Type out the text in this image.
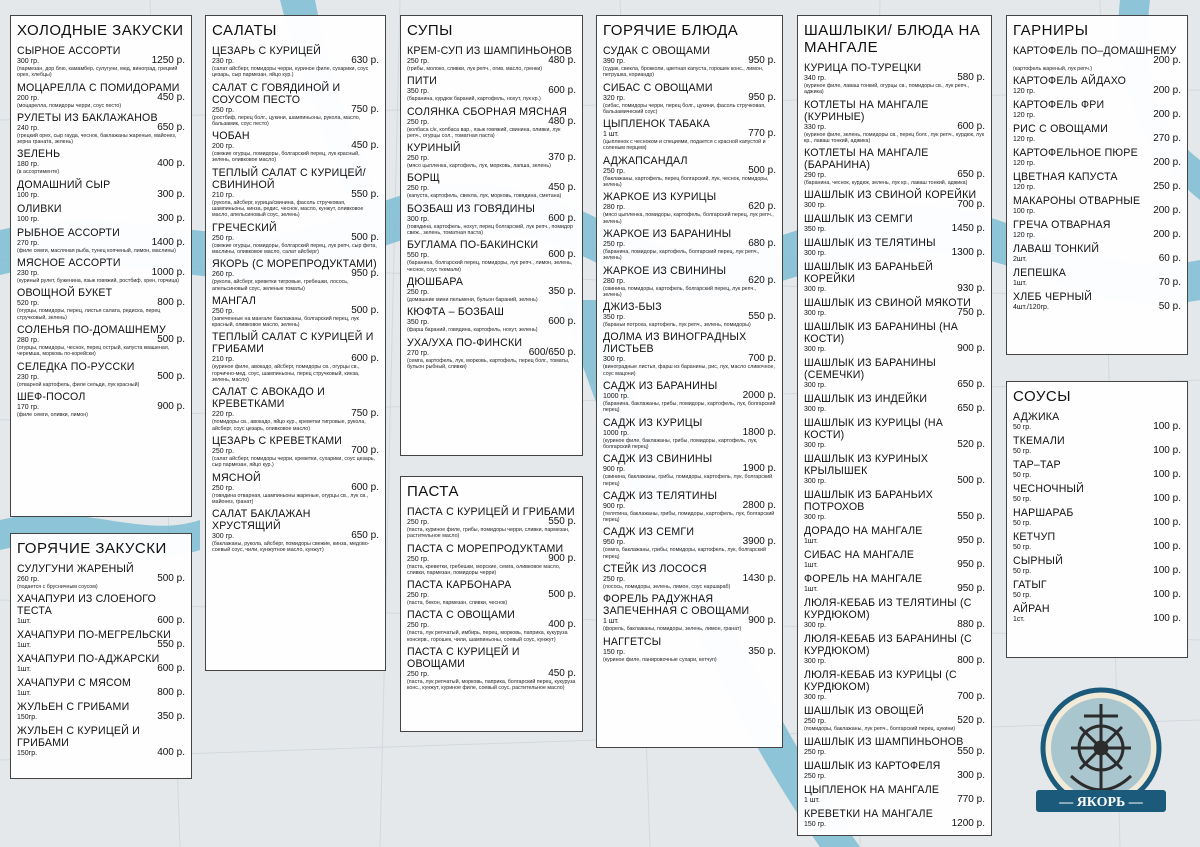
ХОЛОДНЫЕ ЗАКУСКИ
СЫРНОЕ АССОРТИ
300 гр.	1250 р.
(пармезан, дор блю, камамбер, сулугуни, мед, виноград, грецкий орех, хлебцы)
МОЦАРЕЛЛА С ПОМИДОРАМИ
200 гр.	450 р.
(моцарелла, помидоры черри, соус песто)
РУЛЕТЫ ИЗ БАКЛАЖАНОВ
240 гр.	650 р.
(грецкий орех, сыр гауда, чеснок, баклажаны жареные, майонез, зерна граната, зелень)
ЗЕЛЕНЬ
180 гр.	400 р.
(в ассортименте)
ДОМАШНИЙ СЫР
100 гр.	300 р.
ОЛИВКИ
100 гр.	300 р.
РЫБНОЕ АССОРТИ
270 гр.	1400 р.
(филе семги, масляная рыба, тунец копченый, лимон, маслины)
МЯСНОЕ АССОРТИ
230 гр.	1000 р.
(куриный рулет, буженина, язык говяжий, ростбиф, хрен, горчица)
ОВОЩНОЙ БУКЕТ
520 гр.	800 р.
(огурцы, помидоры, перец, листья салата, редиска, перец стручковый, зелень)
СОЛЕНЬЯ ПО-ДОМАШНЕМУ
280 гр.	500 р.
(огурцы, помидоры, чеснок, перец острый, капуста квашеная, черемша, морковь по-корейски)
СЕЛЕДКА ПО-РУССКИ
230 гр.	500 р.
(отварной картофель, филе сельди, лук красный)
ШЕФ-ПОСОЛ
170 гр.	900 р.
(филе семги, оливки, лимон)
ГОРЯЧИЕ ЗАКУСКИ
СУЛУГУНИ ЖАРЕНЫЙ
260 гр.	500 р.
(подается с брусничным соусом)
ХАЧАПУРИ ИЗ СЛОЕНОГО ТЕСТА
1шт.	600 р.
ХАЧАПУРИ ПО-МЕГРЕЛЬСКИ
1шт.	550 р.
ХАЧАПУРИ ПО-АДЖАРСКИ
1шт.	600 р.
ХАЧАПУРИ С МЯСОМ
1шт.	800 р.
ЖУЛЬЕН С ГРИБАМИ
150гр.	350 р.
ЖУЛЬЕН С КУРИЦЕЙ И ГРИБАМИ
150гр.	400 р.
САЛАТЫ
ЦЕЗАРЬ С КУРИЦЕЙ
230 гр.	630 р.
(салат айсберг, помидоры черри, куриное филе, сухарики, соус цезарь, сыр пармезан, яйцо кур.)
САЛАТ С ГОВЯДИНОЙ И СОУСОМ ПЕСТО
250 гр.	750 р.
(ростбиф, перец болг., цукини, шампиньоны, рукола, масло, бальзамик, соус песто)
ЧОБАН
200 гр.	450 р.
(свежие огурцы, помидоры, болгарский перец, лук красный, зелень, оливковое масло)
ТЕПЛЫЙ САЛАТ С КУРИЦЕЙ/ СВИНИНОЙ
210 гр.	550 р.
(рукола, айсберг, курица/свинина, фасоль стручковая, шампиньоны, кинза, редис, чеснок, масло, кунжут, оливковое масло, апельсиновый соус, зелень)
ГРЕЧЕСКИЙ
250 гр.	500 р.
(свежие огурцы, помидоры, болгарский перец, лук репч, сыр фета, маслины, оливковое масло, салат айсберг)
ЯКОРЬ (С МОРЕПРОДУКТАМИ)
260 гр.	950 р.
(рукола, айсберг, креветки тигровые, гребешки, лосось, апельсиновый соус, зеленые томаты)
МАНГАЛ
250 гр.	500 р.
(запеченные на мангале баклажаны, болгарский перец, лук красный, оливковое масло, зелень)
ТЕПЛЫЙ САЛАТ С КУРИЦЕЙ И ГРИБАМИ
210 гр.	600 р.
(куриное филе, авокадо, айсберг, помидоры св., огурцы св., горчично-мед. соус, шампиньоны, перец стручковый, кинза, зелень, масло)
САЛАТ С АВОКАДО И КРЕВЕТКАМИ
220 гр.	750 р.
(помидоры св., авокадо, яйцо кур., креветки тигровые, рукола, айсберг, соус цезарь, оливковое масло)
ЦЕЗАРЬ С КРЕВЕТКАМИ
250 гр.	700 р.
(салат айсберг, помидоры черри, креветки, сухарики, соус цезарь, сыр пармезан, яйцо кур.)
МЯСНОЙ
250 гр.	600 р.
(говядина отварная, шампиньоны жареные, огурцы св., лук св., майонез, гранат)
САЛАТ БАКЛАЖАН ХРУСТЯЩИЙ
300 гр.	650 р.
(баклажаны, рукола, айсберг, помидоры свежие, кинза, медово-соевый соус, чили, кунжутное масло, кунжут)
СУПЫ
КРЕМ-СУП ИЗ ШАМПИНЬОНОВ
250 гр.	480 р.
(грибы, молоко, сливки, лук репч., огив. масло, гренки)
ПИТИ
350 гр.	600 р.
(баранина, курдюк бараний, картофель, нохут, лук кр.)
СОЛЯНКА СБОРНАЯ МЯСНАЯ
250 гр.	480 р.
(колбаса с/к, колбаса вар., язык говяжий, свинина, оливки, лук репч., огурцы сол., томатная паста)
КУРИНЫЙ
250 гр.	370 р.
(мясо цыпленка, картофель, лук, морковь, лапша, зелень)
БОРЩ
250 гр.	450 р.
(капуста, картофель, свекла, лук, морковь, говядина, сметана)
БОЗБАШ ИЗ ГОВЯДИНЫ
300 гр.	600 р.
(говядина, картофель, нохут, перец болгарский, лук репч., помидор свеж., зелень, томатная паста)
БУГЛАМА ПО-БАКИНСКИ
550 гр.	600 р.
(баранина, болгарский перец, помидоры, лук репч., лимон, зелень, чеснок, соус ткемали)
ДЮШБАРА
250 гр.	350 р.
(домашние мини пельмени, бульон бараний, зелень)
КЮФТА – БОЗБАШ
350 гр.	600 р.
(фарш бараний, говядина, картофель, нохут, зелень)
УХА/УХА ПО-ФИНСКИ
270 гр.	600/650 р.
(семга, картофель, лук, морковь, картофель, перец болг., томаты, бульон рыбный, сливки)
ПАСТА
ПАСТА С КУРИЦЕЙ И ГРИБАМИ
250 гр.	550 р.
(паста, куриное филе, грибы, помидоры черри, сливки, пармезан, растительное масло)
ПАСТА С МОРЕПРОДУКТАМИ
250 гр.	900 р.
(паста, креветки, гребешки, морские, семга, оливковое масло, сливки, пармезан, помидоры черри)
ПАСТА КАРБОНАРА
250 гр.	500 р.
(паста, бекон, пармезан, сливки, чеснок)
ПАСТА С ОВОЩАМИ
250 гр.	400 р.
(паста, лук репчатый, имбирь, перец, морковь, паприка, кукуруза консерв., горошек, чили, шампиньоны, соевый соус, кунжут)
ПАСТА С КУРИЦЕЙ И ОВОЩАМИ
250 гр.	450 р.
(паста, лук репчатый, морковь, паприка, болгарский перец, кукуруза конс., кунжут, куриное филе, соевый соус, растительное масло)
ГОРЯЧИЕ БЛЮДА
СУДАК С ОВОЩАМИ
390 гр.	950 р.
(судак, свекла, брокколи, цветная капуста, горошек конс., лимон, петрушка, кориандр)
СИБАС С ОВОЩАМИ
320 гр.	950 р.
(сибас, помидоры черри, перец болг., цукини, фасоль стручковая, бальзамический соус)
ЦЫПЛЕНОК ТАБАКА
1 шт.	770 р.
(цыпленок с чесноком и специями, подается с красной капустой и соленым перцем)
АДЖАПСАНДАЛ
250 гр.	500 р.
(баклажаны, картофель, перец болгарский, лук, чеснок, помидоры, зелень)
ЖАРКОЕ ИЗ КУРИЦЫ
280 гр.	620 р.
(мясо цыпленка, помидоры, картофель, болгарский перец, лук репч., зелень)
ЖАРКОЕ ИЗ БАРАНИНЫ
250 гр.	680 р.
(баранина, помидоры, картофель, болгарский перец, лук репч., зелень)
ЖАРКОЕ ИЗ СВИНИНЫ
280 гр.	620 р.
(свинина, помидоры, картофель, болгарский перец, лук репч., зелень)
ДЖИЗ-БЫЗ
350 гр.	550 р.
(бараньи потроха, картофель, лук репч., зелень, помидоры)
ДОЛМА ИЗ ВИНОГРАДНЫХ ЛИСТЬЕВ
300 гр.	700 р.
(виноградные листья, фарш из баранины, рис, лук, масло сливочное, соус мацони)
САДЖ ИЗ БАРАНИНЫ
1000 гр.	2000 р.
(баранина, баклажаны, грибы, помидоры, картофель, лук, болгарский перец)
САДЖ ИЗ КУРИЦЫ
1000 гр.	1800 р.
(куриное филе, баклажаны, грибы, помидоры, картофель, лук, болгарский перец)
САДЖ ИЗ СВИНИНЫ
900 гр.	1900 р.
(свинина, баклажаны, грибы, помидоры, картофель, лук, болгарский перец)
САДЖ ИЗ ТЕЛЯТИНЫ
900 гр.	2800 р.
(телятина, баклажаны, грибы, помидоры, картофель, лук, болгарский перец)
САДЖ ИЗ СЕМГИ
950 гр.	3900 р.
(семга, баклажаны, грибы, помидоры, картофель, лук, болгарский перец)
СТЕЙК ИЗ ЛОСОСЯ
250 гр.	1430 р.
(лосось, помидоры, зелень, лимон, соус наршараб)
ФОРЕЛЬ РАДУЖНАЯ ЗАПЕЧЕННАЯ С ОВОЩАМИ
1 шт.	900 р.
(форель, баклажаны, помидоры, зелень, лимон, гранат)
НАГГЕТСЫ
150 гр.	350 р.
(куриное филе, панировочные сухари, кетчуп)
ШАШЛЫКИ/ БЛЮДА НА МАНГАЛЕ
КУРИЦА ПО-ТУРЕЦКИ
340 гр.	580 р.
(куриное филе, лаваш тонкий, огурцы св., помидоры св., лук репч., аджика)
КОТЛЕТЫ НА МАНГАЛЕ (КУРИНЫЕ)
330 гр.	600 р.
(куриное филе, зелень, помидоры св., перец болг., лук репч., курдюк, лук кр., лаваш тонкий, аджика)
КОТЛЕТЫ НА МАНГАЛЕ (БАРАНИНА)
290 гр.	650 р.
(баранина, чеснок, курдюк, зелень, лук кр., лаваш тонкий, аджика)
ШАШЛЫК ИЗ СВИНОЙ КОРЕЙКИ
300 гр.	700 р.
ШАШЛЫК ИЗ СЕМГИ
350 гр.	1450 р.
ШАШЛЫК ИЗ ТЕЛЯТИНЫ
300 гр.	1300 р.
ШАШЛЫК ИЗ БАРАНЬЕЙ КОРЕЙКИ
300 гр.	930 р.
ШАШЛЫК ИЗ СВИНОЙ МЯКОТИ
300 гр.	750 р.
ШАШЛЫК ИЗ БАРАНИНЫ (НА КОСТИ)
300 гр.	900 р.
ШАШЛЫК ИЗ БАРАНИНЫ (СЕМЕЧКИ)
300 гр.	650 р.
ШАШЛЫК ИЗ ИНДЕЙКИ
300 гр.	650 р.
ШАШЛЫК ИЗ КУРИЦЫ (НА КОСТИ)
300 гр.	520 р.
ШАШЛЫК ИЗ КУРИНЫХ КРЫЛЫШЕК
300 гр.	500 р.
ШАШЛЫК ИЗ БАРАНЬИХ ПОТРОХОВ
300 гр.	550 р.
ДОРАДО НА МАНГАЛЕ
1шт.	950 р.
СИБАС НА МАНГАЛЕ
1шт.	950 р.
ФОРЕЛЬ НА МАНГАЛЕ
1шт.	950 р.
ЛЮЛЯ-КЕБАБ ИЗ ТЕЛЯТИНЫ (С КУРДЮКОМ)
300 гр.	880 р.
ЛЮЛЯ-КЕБАБ ИЗ БАРАНИНЫ (С КУРДЮКОМ)
300 гр.	800 р.
ЛЮЛЯ-КЕБАБ ИЗ КУРИЦЫ (С КУРДЮКОМ)
300 гр.	700 р.
ШАШЛЫК ИЗ ОВОЩЕЙ
250 гр.	520 р.
(помидоры, баклажаны, лук репч., болгарский перец, цукини)
ШАШЛЫК ИЗ ШАМПИНЬОНОВ
250 гр.	550 р.
ШАШЛЫК ИЗ КАРТОФЕЛЯ
250 гр.	300 р.
ЦЫПЛЕНОК НА МАНГАЛЕ
1 шт.	770 р.
КРЕВЕТКИ НА МАНГАЛЕ
150 гр.	1200 р.
ГАРНИРЫ
КАРТОФЕЛЬ ПО–ДОМАШНЕМУ
200 р.
(картофель жареный, лук репч.)
КАРТОФЕЛЬ АЙДАХО
120 гр.	200 р.
КАРТОФЕЛЬ ФРИ
120 гр.	200 р.
РИС С ОВОЩАМИ
120 гр.	270 р.
КАРТОФЕЛЬНОЕ ПЮРЕ
120 гр.	200 р.
ЦВЕТНАЯ КАПУСТА
120 гр.	250 р.
МАКАРОНЫ ОТВАРНЫЕ
100 гр.	200 р.
ГРЕЧА ОТВАРНАЯ
120 гр.	200 р.
ЛАВАШ ТОНКИЙ
2шт.	60 р.
ЛЕПЕШКА
1шт.	70 р.
ХЛЕБ ЧЕРНЫЙ
4шт./120гр.	50 р.
СОУСЫ
АДЖИКА
50 гр.	100 р.
ТКЕМАЛИ
50 гр.	100 р.
ТАР–ТАР
50 гр.	100 р.
ЧЕСНОЧНЫЙ
50 гр.	100 р.
НАРШАРАБ
50 гр.	100 р.
КЕТЧУП
50 гр.	100 р.
СЫРНЫЙ
50 гр.	100 р.
ГАТЫГ
50 гр.	100 р.
АЙРАН
1ст.	100 р.
— ЯКОРЬ —
